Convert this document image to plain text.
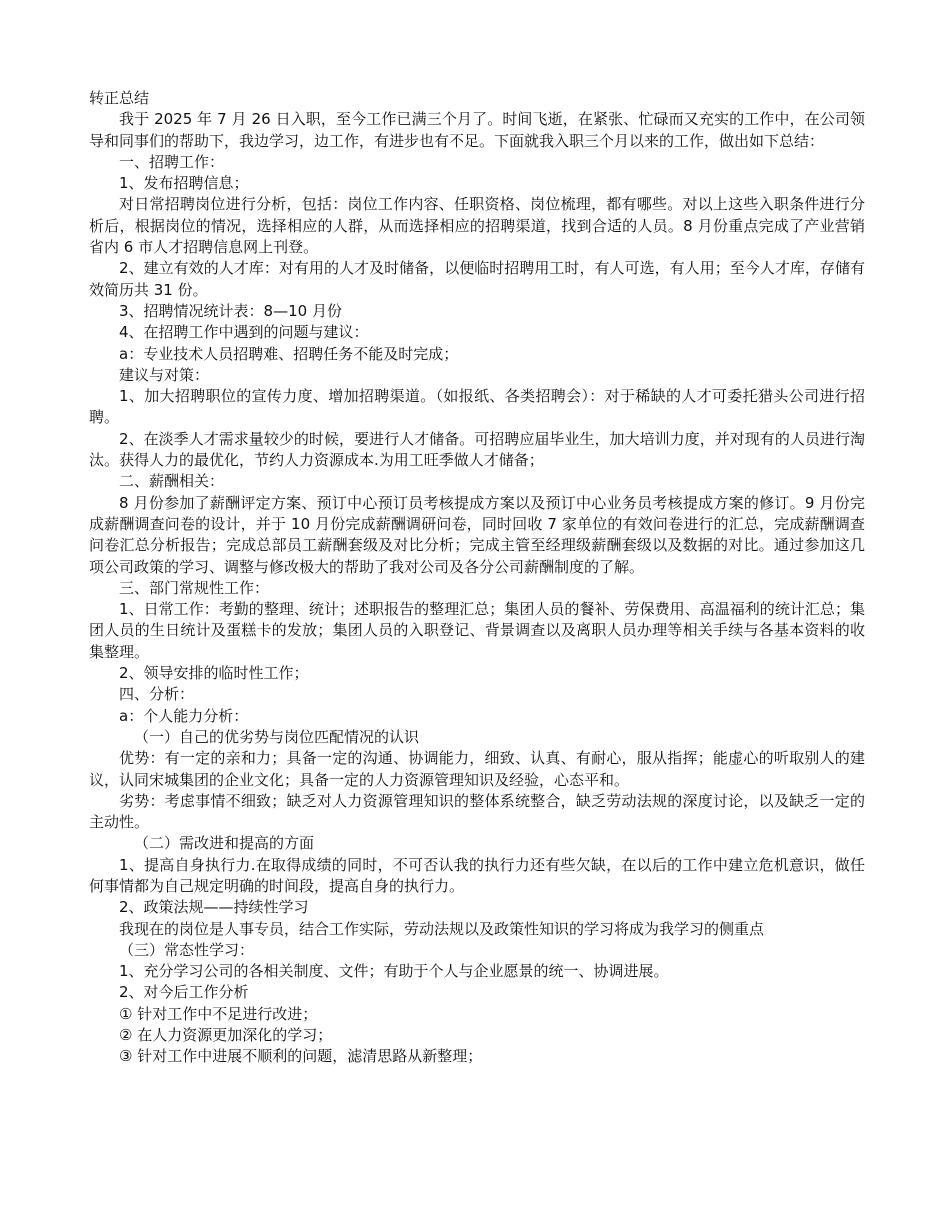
转正总结

我于 2025 年 7 月 26 日入职，至今工作已满三个月了。时间飞逝，在紧张、忙碌而又充实的工作中，在公司领导和同事们的帮助下，我边学习，边工作，有进步也有不足。下面就我入职三个月以来的工作，做出如下总结：

一、招聘工作：

1、发布招聘信息；

对日常招聘岗位进行分析，包括：岗位工作内容、任职资格、岗位梳理，都有哪些。对以上这些入职条件进行分析后，根据岗位的情况，选择相应的人群，从而选择相应的招聘渠道，找到合适的人员。8 月份重点完成了产业营销省内 6 市人才招聘信息网上刊登。

2、建立有效的人才库：对有用的人才及时储备，以便临时招聘用工时，有人可选，有人用；至今人才库，存储有效简历共 31 份。

3、招聘情况统计表：8—10 月份

4、在招聘工作中遇到的问题与建议：

a：专业技术人员招聘难、招聘任务不能及时完成；

建议与对策：

1、加大招聘职位的宣传力度、增加招聘渠道。（如报纸、各类招聘会）：对于稀缺的人才可委托猎头公司进行招聘。

2、在淡季人才需求量较少的时候，要进行人才储备。可招聘应届毕业生，加大培训力度，并对现有的人员进行淘汰。获得人力的最优化，节约人力资源成本.为用工旺季做人才储备；

二、薪酬相关：

8 月份参加了薪酬评定方案、预订中心预订员考核提成方案以及预订中心业务员考核提成方案的修订。9 月份完成薪酬调查问卷的设计，并于 10 月份完成薪酬调研问卷，同时回收 7 家单位的有效问卷进行的汇总，完成薪酬调查问卷汇总分析报告；完成总部员工薪酬套级及对比分析；完成主管至经理级薪酬套级以及数据的对比。通过参加这几项公司政策的学习、调整与修改极大的帮助了我对公司及各分公司薪酬制度的了解。

三、部门常规性工作：

1、日常工作：考勤的整理、统计；述职报告的整理汇总；集团人员的餐补、劳保费用、高温福利的统计汇总；集团人员的生日统计及蛋糕卡的发放；集团人员的入职登记、背景调查以及离职人员办理等相关手续与各基本资料的收集整理。

2、领导安排的临时性工作；

四、分析：

a：个人能力分析：

（一）自己的优劣势与岗位匹配情况的认识

优势：有一定的亲和力；具备一定的沟通、协调能力，细致、认真、有耐心，服从指挥；能虚心的听取别人的建议，认同宋城集团的企业文化；具备一定的人力资源管理知识及经验，心态平和。

劣势：考虑事情不细致；缺乏对人力资源管理知识的整体系统整合，缺乏劳动法规的深度讨论，以及缺乏一定的主动性。

（二）需改进和提高的方面

1、提高自身执行力.在取得成绩的同时，不可否认我的执行力还有些欠缺，在以后的工作中建立危机意识，做任何事情都为自己规定明确的时间段，提高自身的执行力。

2、政策法规——持续性学习

我现在的岗位是人事专员，结合工作实际，劳动法规以及政策性知识的学习将成为我学习的侧重点

（三）常态性学习：

1、充分学习公司的各相关制度、文件；有助于个人与企业愿景的统一、协调进展。

2、对今后工作分析

① 针对工作中不足进行改进；

② 在人力资源更加深化的学习；

③ 针对工作中进展不顺利的问题，滤清思路从新整理；
